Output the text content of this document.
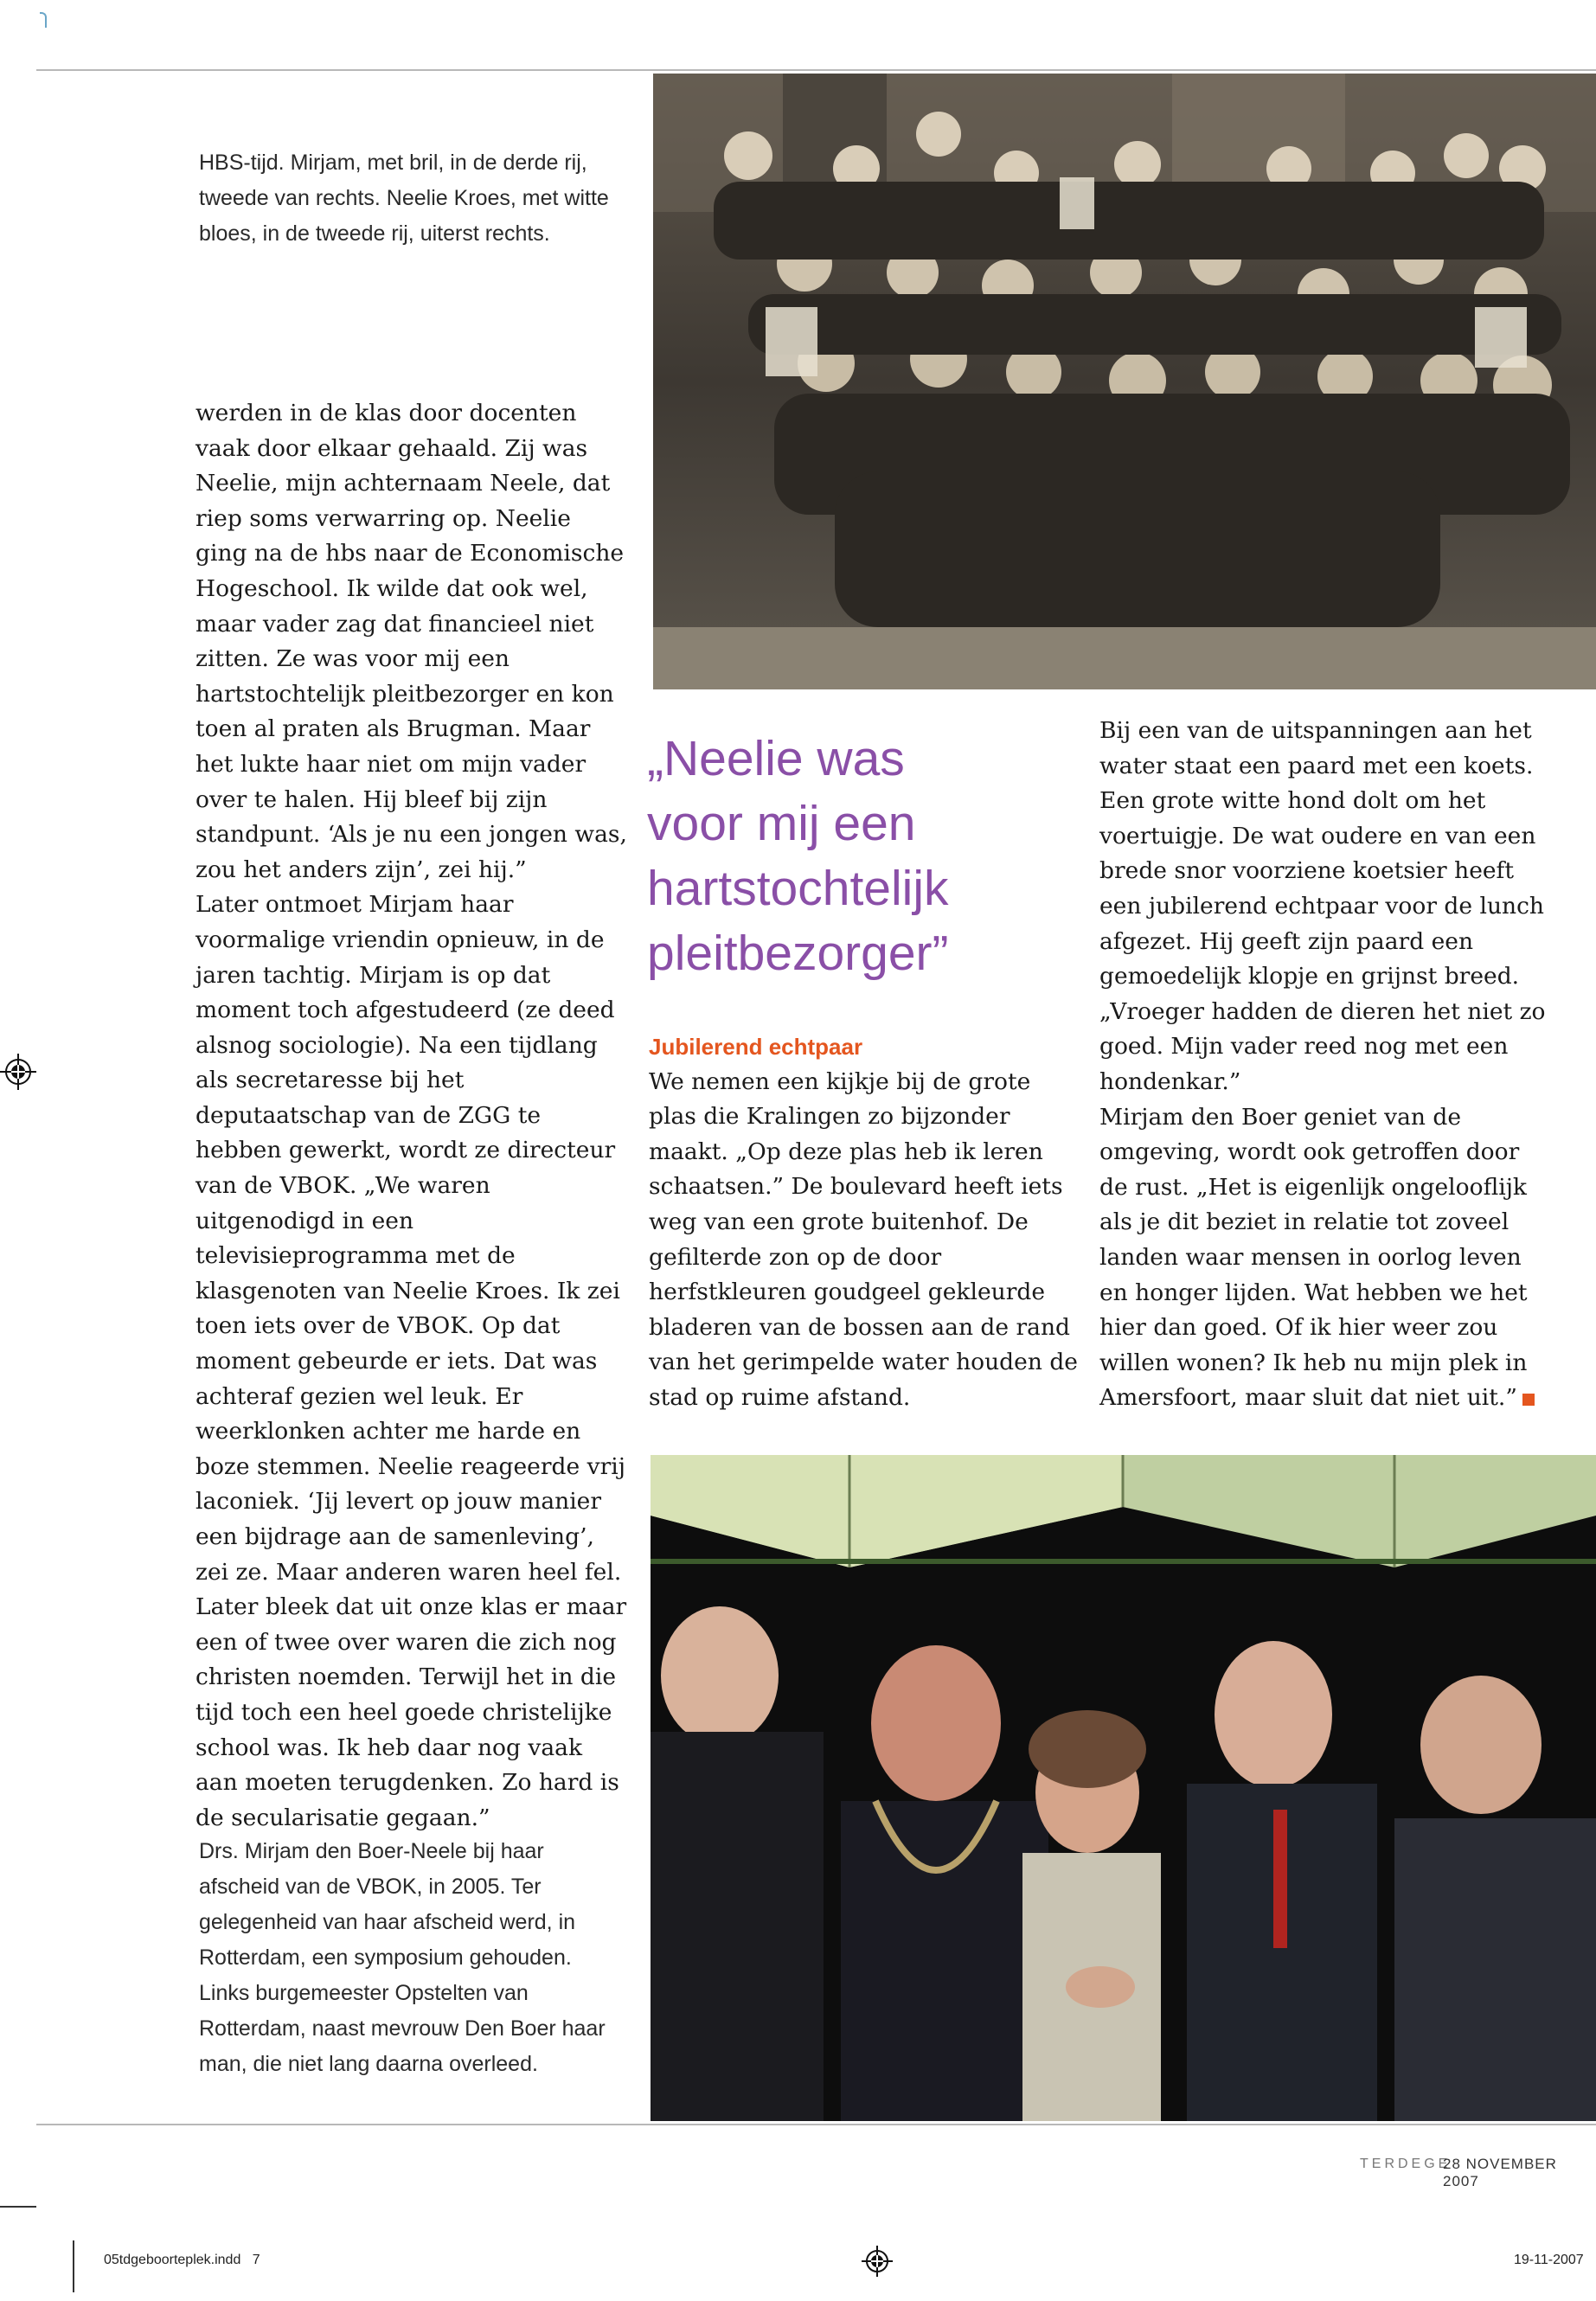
HBS-tijd. Mirjam, met bril, in de derde rij, tweede van rechts. Neelie Kroes, met witte bloes, in de tweede rij, uiterst rechts.

werden in de klas door docenten vaak door elkaar gehaald. Zij was Neelie, mijn achternaam Neele, dat riep soms verwarring op. Neelie ging na de hbs naar de Economische Hogeschool. Ik wilde dat ook wel, maar vader zag dat financieel niet zitten. Ze was voor mij een hartstochtelijk pleitbezorger en kon toen al praten als Brugman. Maar het lukte haar niet om mijn vader over te halen. Hij bleef bij zijn standpunt. ‘Als je nu een jongen was, zou het anders zijn’, zei hij.”

Later ontmoet Mirjam haar voormalige vriendin opnieuw, in de jaren tachtig. Mirjam is op dat moment toch afgestudeerd (ze deed alsnog sociologie). Na een tijdlang als secretaresse bij het deputaatschap van de ZGG te hebben gewerkt, wordt ze directeur van de VBOK. „We waren uitgenodigd in een televisieprogramma met de klasgenoten van Neelie Kroes. Ik zei toen iets over de VBOK. Op dat moment gebeurde er iets. Dat was achteraf gezien wel leuk. Er weerklonken achter me harde en boze stemmen. Neelie reageerde vrij laconiek. ‘Jij levert op jouw manier een bijdrage aan de samenleving’, zei ze. Maar anderen waren heel fel. Later bleek dat uit onze klas er maar een of twee over waren die zich nog christen noemden. Terwijl het in die tijd toch een heel goede christelijke school was. Ik heb daar nog vaak aan moeten terugdenken. Zo hard is de secularisatie gegaan.”

„Neelie was voor mij een hartstochtelijk pleitbezorger”

Jubilerend echtpaar

We nemen een kijkje bij de grote plas die Kralingen zo bijzonder maakt. „Op deze plas heb ik leren schaatsen.” De boulevard heeft iets weg van een grote buitenhof. De gefilterde zon op de door herfstkleuren goudgeel gekleurde bladeren van de bossen aan de rand van het gerimpelde water houden de stad op ruime afstand.

Bij een van de uitspanningen aan het water staat een paard met een koets. Een grote witte hond dolt om het voertuigje. De wat oudere en van een brede snor voorziene koetsier heeft een jubilerend echtpaar voor de lunch afgezet. Hij geeft zijn paard een gemoedelijk klopje en grijnst breed. „Vroeger hadden de dieren het niet zo goed. Mijn vader reed nog met een hondenkar.”

Mirjam den Boer geniet van de omgeving, wordt ook getroffen door de rust. „Het is eigenlijk ongelooflijk als je dit beziet in relatie tot zoveel landen waar mensen in oorlog leven en honger lijden. Wat hebben we het hier dan goed. Of ik hier weer zou willen wonen? Ik heb nu mijn plek in Amersfoort, maar sluit dat niet uit.”

Drs. Mirjam den Boer-Neele bij haar afscheid van de VBOK, in 2005. Ter gelegenheid van haar afscheid werd, in Rotterdam, een symposium gehouden. Links burgemeester Opstelten van Rotterdam, naast mevrouw Den Boer haar man, die niet lang daarna overleed.
TERDEGE
28 NOVEMBER 2007
05tdgeboorteplek.indd   7	19-11-2007
